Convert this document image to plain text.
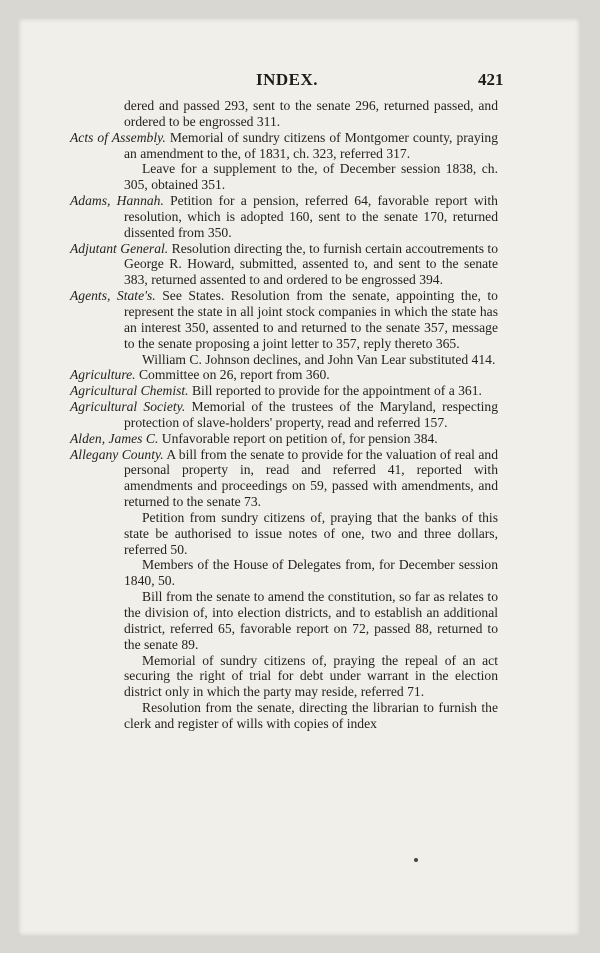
INDEX.	421
dered and passed 293, sent to the senate 296, returned passed, and ordered to be engrossed 311.
Acts of Assembly. Memorial of sundry citizens of Montgomer county, praying an amendment to the, of 1831, ch. 323, referred 317.
Leave for a supplement to the, of December session 1838, ch. 305, obtained 351.
Adams, Hannah. Petition for a pension, referred 64, favorable report with resolution, which is adopted 160, sent to the senate 170, returned dissented from 350.
Adjutant General. Resolution directing the, to furnish certain accoutrements to George R. Howard, submitted, assented to, and sent to the senate 383, returned assented to and ordered to be engrossed 394.
Agents, State's. See States. Resolution from the senate, appointing the, to represent the state in all joint stock companies in which the state has an interest 350, assented to and returned to the senate 357, message to the senate proposing a joint letter to 357, reply thereto 365.
William C. Johnson declines, and John Van Lear substituted 414.
Agriculture. Committee on 26, report from 360.
Agricultural Chemist. Bill reported to provide for the appointment of a 361.
Agricultural Society. Memorial of the trustees of the Maryland, respecting protection of slave-holders' property, read and referred 157.
Alden, James C. Unfavorable report on petition of, for pension 384.
Allegany County. A bill from the senate to provide for the valuation of real and personal property in, read and referred 41, reported with amendments and proceedings on 59, passed with amendments, and returned to the senate 73.
Petition from sundry citizens of, praying that the banks of this state be authorised to issue notes of one, two and three dollars, referred 50.
Members of the House of Delegates from, for December session 1840, 50.
Bill from the senate to amend the constitution, so far as relates to the division of, into election districts, and to establish an additional district, referred 65, favorable report on 72, passed 88, returned to the senate 89.
Memorial of sundry citizens of, praying the repeal of an act securing the right of trial for debt under warrant in the election district only in which the party may reside, referred 71.
Resolution from the senate, directing the librarian to furnish the clerk and register of wills with copies of index
